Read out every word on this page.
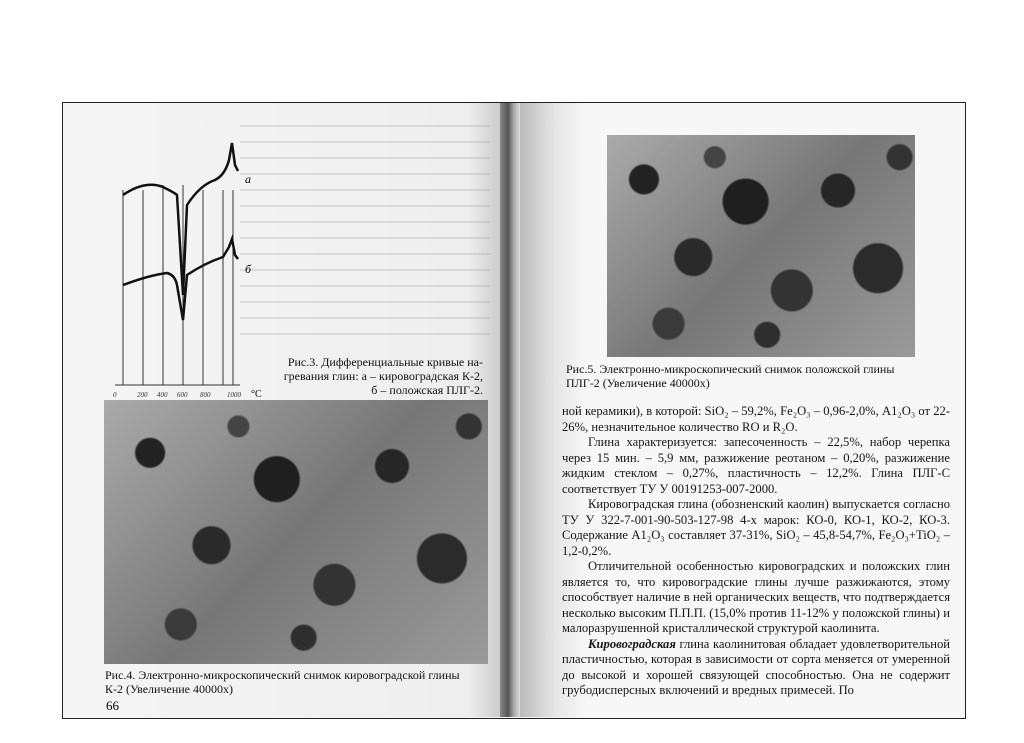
а
б
0	200 400 600 800 1000 °C
Рис.3. Дифференциальные кривые на-
гревания глин: а – кировоградская К-2,
б – положская ПЛГ-2.
Рис.4. Электронно-микроскопический снимок кировоградской глины
К-2 (Увеличение 40000х)
66
Рис.5. Электронно-микроскопический снимок положской глины
ПЛГ-2 (Увеличение 40000х)

ной керамики), в которой: SiO₂ – 59,2%, Fe₂O₃ – 0,96-2,0%, А1₂О₃ от 22-26%, незначительное количество RO и R₂O.

Глина характеризуется: запесоченность – 22,5%, набор черепка через 15 мин. – 5,9 мм, разжижение реотаном – 0,20%, разжижение жидким стеклом – 0,27%, пластичность – 12,2%. Глина ПЛГ-С соответствует ТУ У 00191253-007-2000.

Кировоградская глина (обозненский каолин) выпускается согласно ТУ У 322-7-001-90-503-127-98 4-х марок: КО-0, КО-1, КО-2, КО-3. Содержание А1₂О₃ составляет 37-31%, SiO₂ – 45,8-54,7%, Fe₂O₃+TiO₂ – 1,2-0,2%.

Отличительной особенностью кировоградских и положских глин является то, что кировоградские глины лучше разжижаются, этому способствует наличие в ней органических веществ, что подтверждается несколько высоким П.П.П. (15,0% против 11-12% у положской глины) и малоразрушенной кристаллической структурой каолинита.

Кировоградская глина каолинитовая обладает удовлетворительной пластичностью, которая в зависимости от сорта меняется от умеренной до высокой и хорошей связующей способностью. Она не содержит грубодисперсных включений и вредных примесей. По
